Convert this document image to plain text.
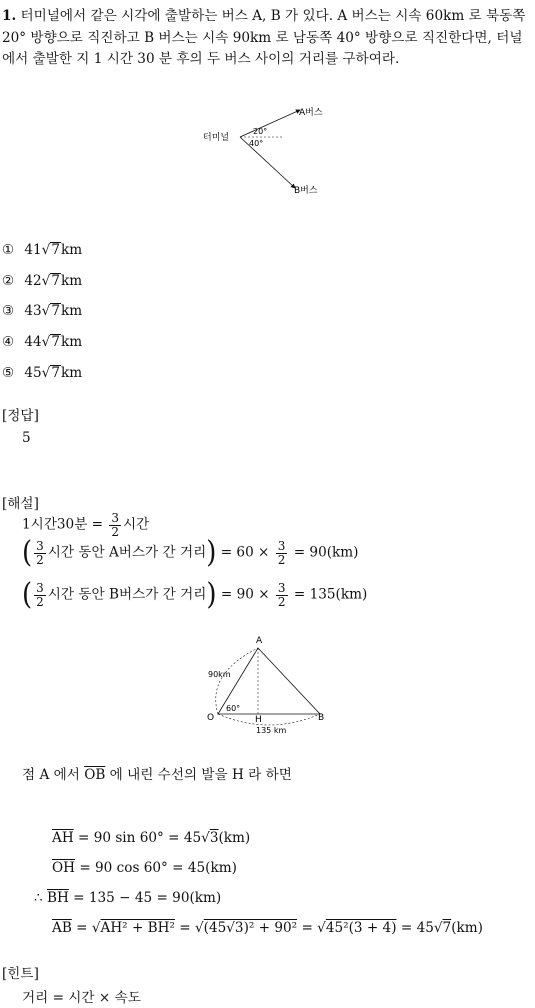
1. 터미널에서 같은 시각에 출발하는 버스 A, B 가 있다. A 버스는 시속 60km 로 북동쪽 20° 방향으로 직진하고 B 버스는 시속 90km 로 남동쪽 40° 방향으로 직진한다면, 터널에서 출발한 지 1 시간 30 분 후의 두 버스 사이의 거리를 구하여라.
터미널
A버스
B버스
20°
40°
① 41√7km
② 42√7km
③ 43√7km
④ 44√7km
⑤ 45√7km
[정답]
5
[해설]
1시간30분 = $\frac{3}{2}$ 시간
( $\frac{3}{2}$ 시간 동안 A버스가 간 거리) = $60 \times \frac{3}{2} = 90(km)$
( $\frac{3}{2}$ 시간 동안 B버스가 간 거리) = $90 \times \frac{3}{2} = 135(km)$
A
O	B
H
90km
135 km
60°
점 A 에서 $\overline{OB}$ 에 내린 수선의 발을 H 라 하면
$\overline{AH} = 90$ sin 60° = 45√3(km)
$\overline{OH} = 90$ cos 60° = 45(km)
∴ $\overline{BH} = 135 - 45 = 90(km)$
$\overline{AB} = √AH^2 + BH^2 = √(45√3)^2 + 90^2 = √45^2(3 + 4) = 45√7(km)$
[힌트]
거리 = 시간 × 속도
